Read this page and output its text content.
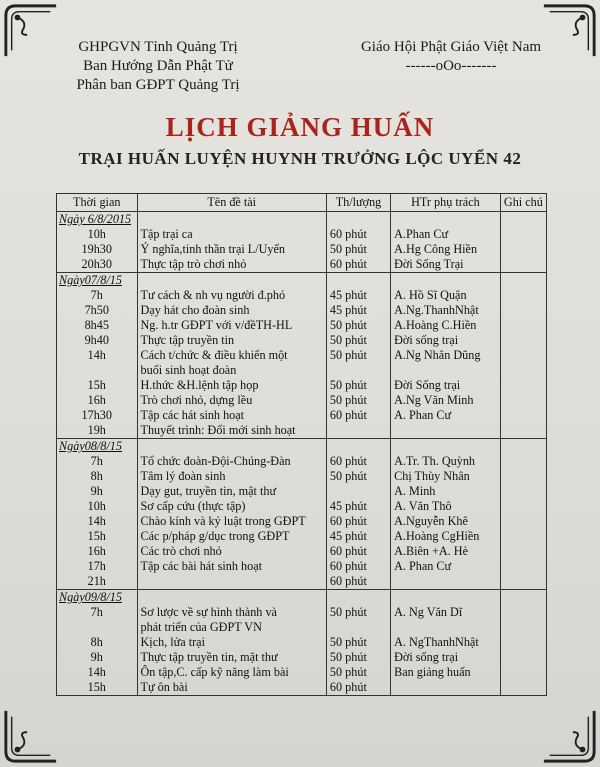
GHPGVN Tỉnh Quảng Trị
Ban Hướng Dẫn Phật Tử
Phân ban GĐPT Quảng Trị
Giáo Hội Phật Giáo Việt Nam
------oOo-------
LỊCH GIẢNG HUẤN
TRẠI HUẤN LUYỆN HUYNH TRƯỞNG LỘC UYỂN 42
Thời gian	Tên đề tài	Th/lượng	HTr phụ trách	Ghi chú
Ngày 6/8/2015				
10h	Tập trại ca	60 phút	A.Phan Cư	
19h30	Ý nghĩa,tinh thần trại L/Uyển	50 phút	A.Hg Công Hiền	
20h30	Thực tập trò chơi nhỏ	60 phút	Đời Sống Trại	
Ngày07/8/15				
7h	Tư cách & nh vụ người đ.phó	45 phút	A. Hồ Sĩ Quận	
7h50	Dạy hát cho đoàn sinh	45 phút	A.Ng.ThanhNhật	
8h45	Ng. h.tr GĐPT với v/đềTH-HL	50 phút	A.Hoàng C.Hiền	
9h40	Thực tập truyền tin	50 phút	Đời sống trại	
14h	Cách t/chức & điều khiển một
buổi sinh hoạt đoàn	50 phút	A.Ng Nhân Dũng	
15h	H.thức &H.lệnh tập họp	50 phút	Đời Sống trại	
16h	Trò chơi nhỏ, dựng lều	50 phút	A.Ng Văn Minh	
17h30	Tập các hát sinh hoạt	60 phút	A. Phan Cư	
19h	Thuyết trình: Đổi mới sinh hoạt			

Ngày08/8/15				
7h	Tổ chức đoàn-Đội-Chúng-Đàn	60 phút	A.Tr. Th. Quỳnh	
8h	Tâm lý đoàn sinh	50 phút	Chị Thùy Nhân	
9h	Dạy gut, truyền tin, mật thư		A. Minh	
10h	Sơ cấp cứu (thực tập)	45 phút	A. Văn Thô	
14h	Chào kính và kỷ luật trong GĐPT	60 phút	A.Nguyễn Khê	
15h	Các p/pháp g/dục trong GĐPT	45 phút	A.Hoàng CgHiền	
16h	Các trò chơi nhỏ	60 phút	A.Biên +A. Hè	
17h	Tập các bài hát sinh hoạt	60 phút	A. Phan Cư	
21h		60 phút		
Ngày09/8/15				
7h	Sơ lược về sự hình thành và
phát triển của GĐPT VN	50 phút	A. Ng Văn Dĩ	
8h	Kịch, lửa trại	50 phút	A. NgThanhNhật	
9h	Thực tập truyền tin, mật thư	50 phút	Đời sống trại	
14h	Ôn tập,C. cấp kỹ năng làm bài	50 phút	Ban giảng huấn	
15h	Tự ôn bài	60 phút		
